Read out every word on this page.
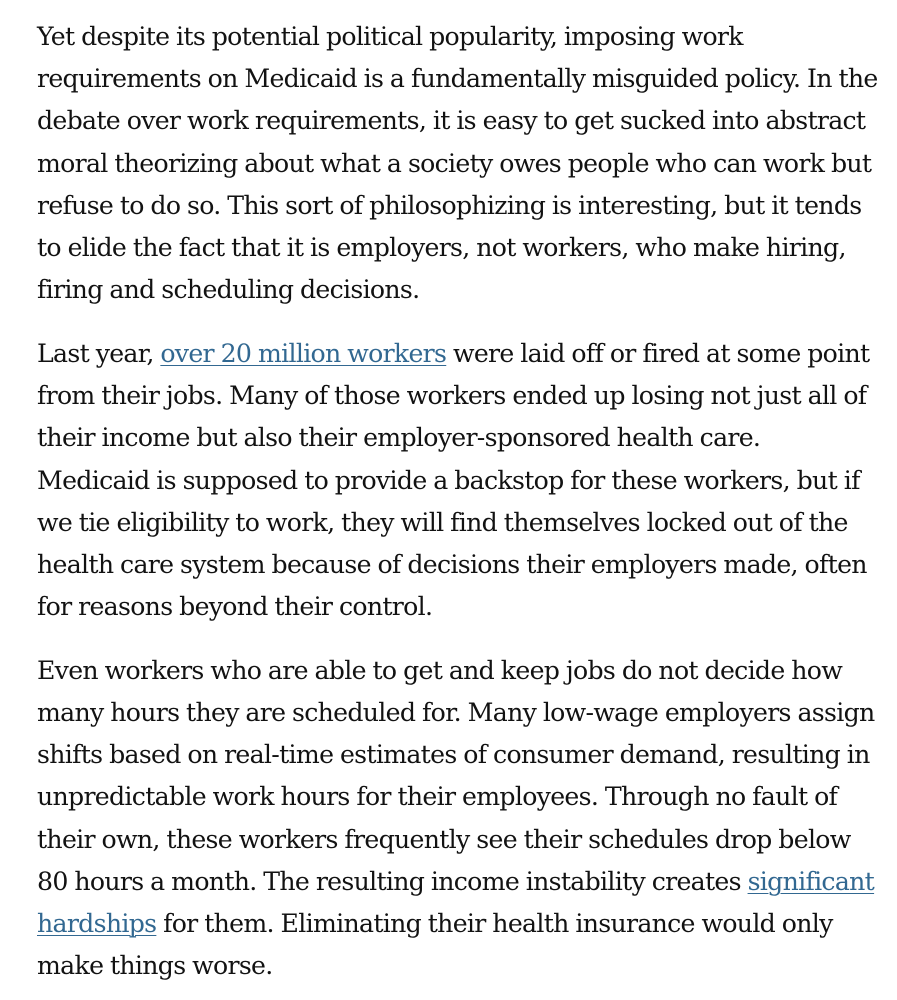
Yet despite its potential political popularity, imposing work requirements on Medicaid is a fundamentally misguided policy. In the debate over work requirements, it is easy to get sucked into abstract moral theorizing about what a society owes people who can work but refuse to do so. This sort of philosophizing is interesting, but it tends to elide the fact that it is employers, not workers, who make hiring, firing and scheduling decisions.

Last year, over 20 million workers were laid off or fired at some point from their jobs. Many of those workers ended up losing not just all of their income but also their employer-sponsored health care. Medicaid is supposed to provide a backstop for these workers, but if we tie eligibility to work, they will find themselves locked out of the health care system because of decisions their employers made, often for reasons beyond their control.

Even workers who are able to get and keep jobs do not decide how many hours they are scheduled for. Many low-wage employers assign shifts based on real-time estimates of consumer demand, resulting in unpredictable work hours for their employees. Through no fault of their own, these workers frequently see their schedules drop below 80 hours a month. The resulting income instability creates significant hardships for them. Eliminating their health insurance would only make things worse.
